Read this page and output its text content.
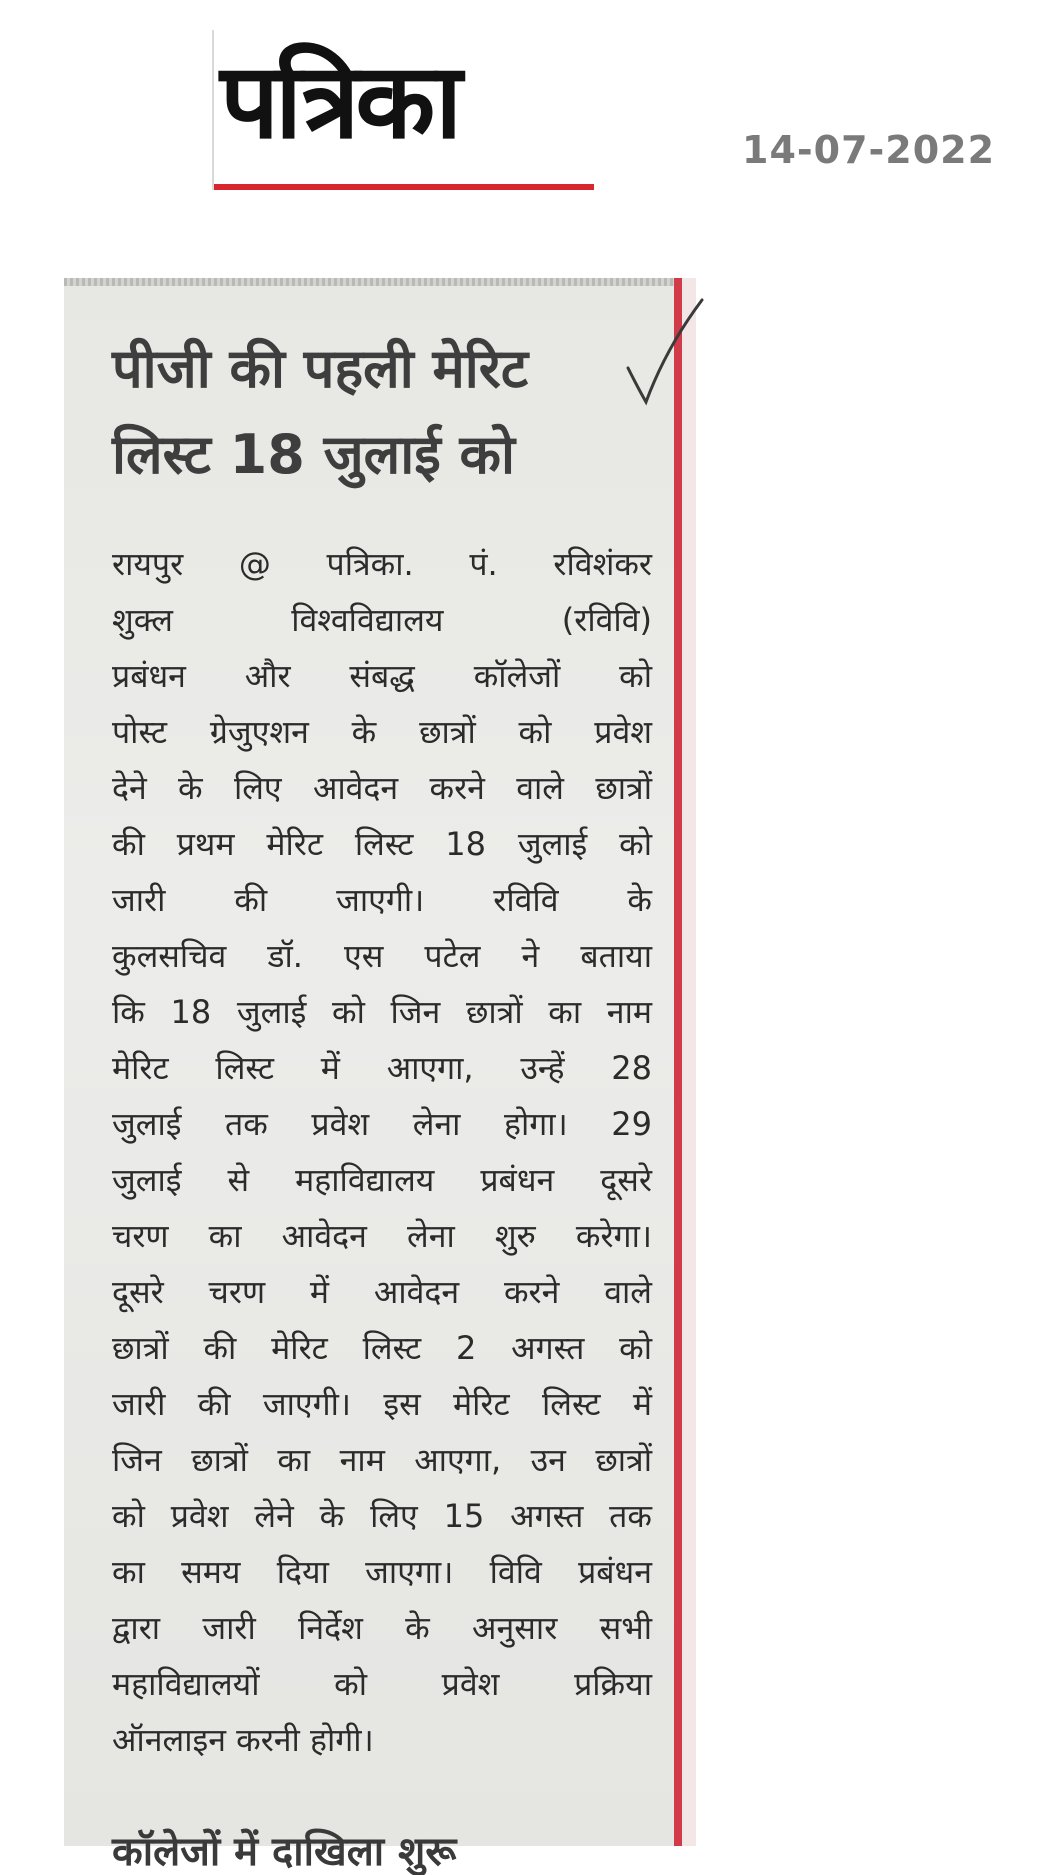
पत्रिका	14-07-2022
पीजी की पहली मेरिट
लिस्ट 18 जुलाई को
रायपुर @ पत्रिका. पं. रविशंकर
शुक्ल विश्वविद्यालय (रविवि)
प्रबंधन और संबद्ध कॉलेजों को
पोस्ट ग्रेजुएशन के छात्रों को प्रवेश
देने के लिए आवेदन करने वाले छात्रों
की प्रथम मेरिट लिस्ट 18 जुलाई को
जारी की जाएगी। रविवि के
कुलसचिव डॉ. एस पटेल ने बताया
कि 18 जुलाई को जिन छात्रों का नाम
मेरिट लिस्ट में आएगा, उन्हें 28
जुलाई तक प्रवेश लेना होगा। 29
जुलाई से महाविद्यालय प्रबंधन दूसरे
चरण का आवेदन लेना शुरु करेगा।
दूसरे चरण में आवेदन करने वाले
छात्रों की मेरिट लिस्ट 2 अगस्त को
जारी की जाएगी। इस मेरिट लिस्ट में
जिन छात्रों का नाम आएगा, उन छात्रों
को प्रवेश लेने के लिए 15 अगस्त तक
का समय दिया जाएगा। विवि प्रबंधन
द्वारा जारी निर्देश के अनुसार सभी
महाविद्यालयों को प्रवेश प्रक्रिया
ऑनलाइन करनी होगी।
कॉलेजों में दाखिला शुरू
